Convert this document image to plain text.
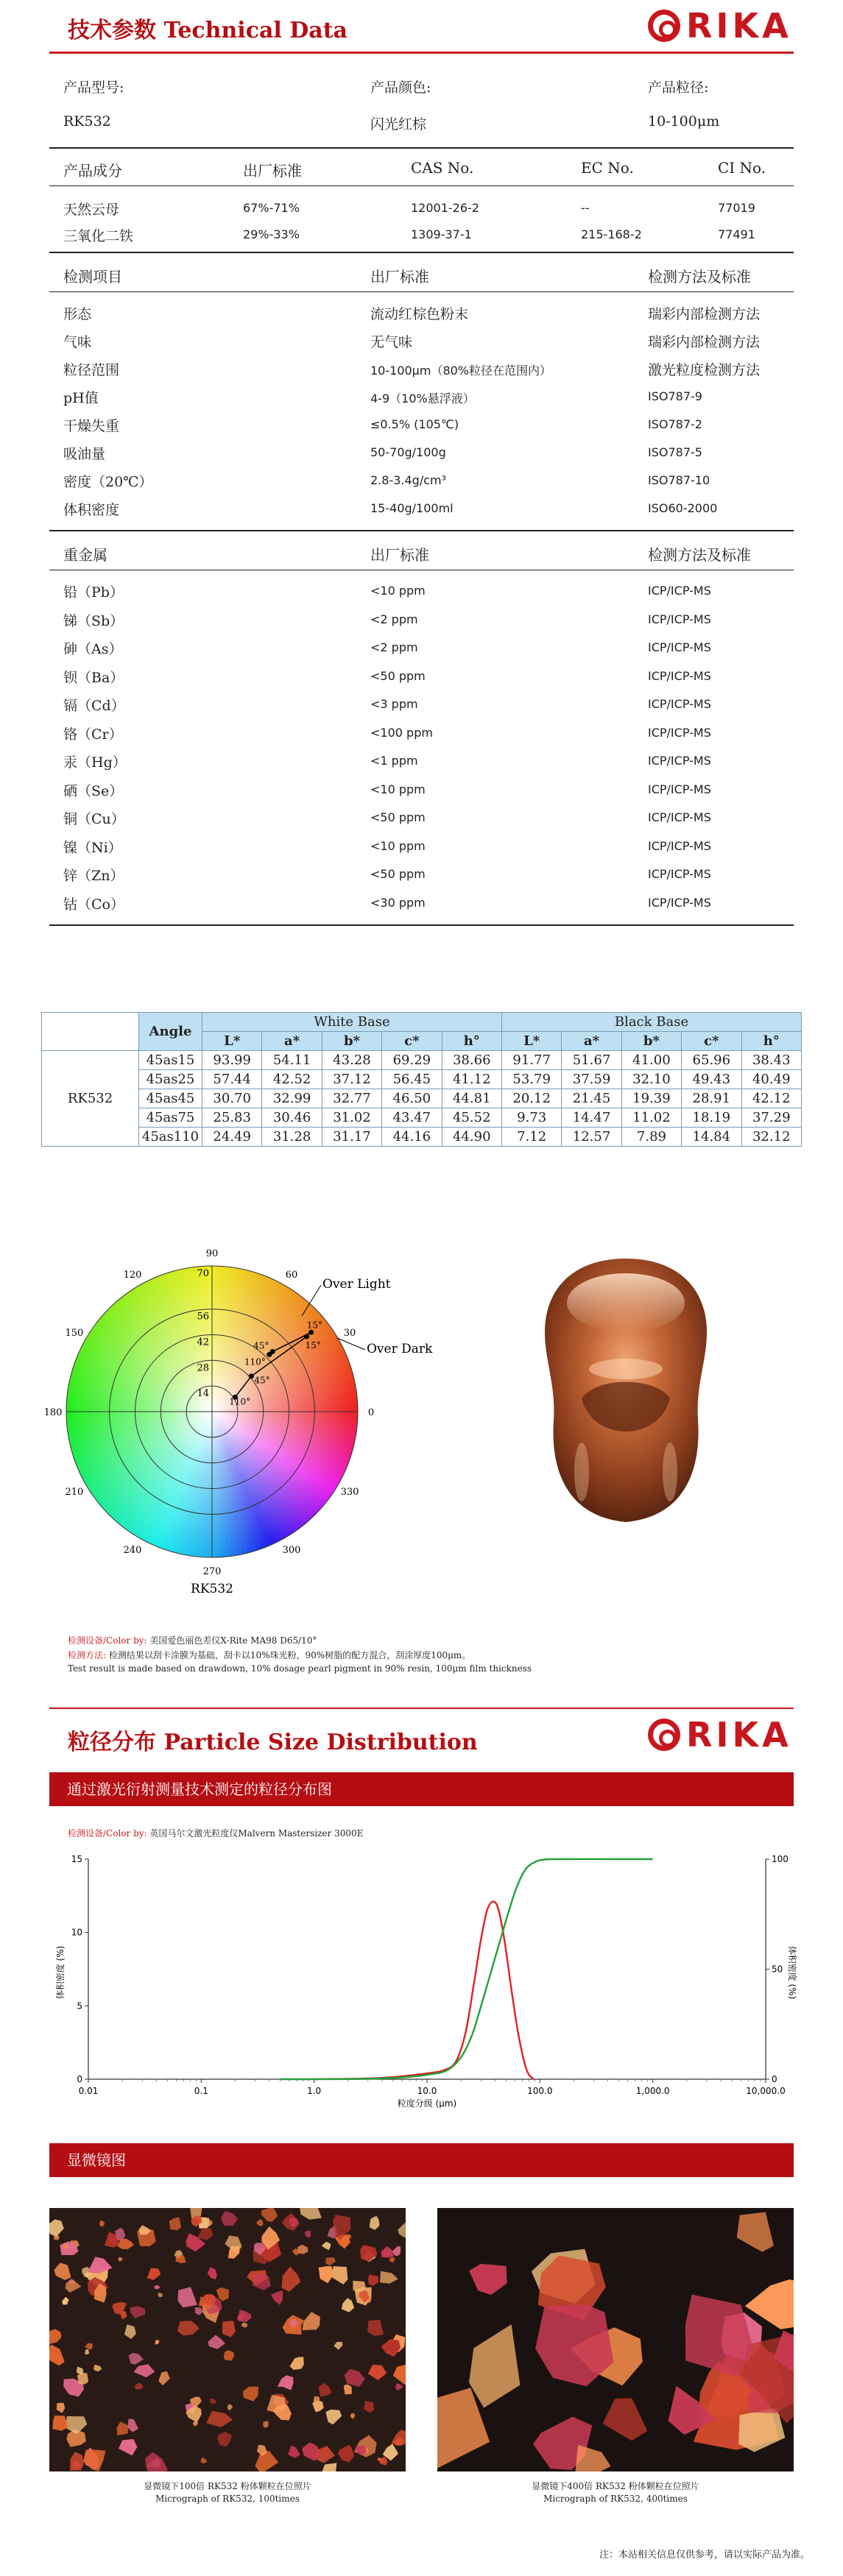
技术参数 Technical Data	RIKA
产品型号:	产品颜色:	产品粒径:
RK532	闪光红棕	10-100μm
产品成分	出厂标准	CAS No.	EC No.	CI No.
天然云母	67%-71%	12001-26-2	--	77019
三氧化二铁	29%-33%	1309-37-1	215-168-2	77491
检测项目	出厂标准	检测方法及标准
形态	流动红棕色粉末	瑞彩内部检测方法
气味	无气味	瑞彩内部检测方法
粒径范围	10-100μm（80%粒径在范围内）	激光粒度检测方法
pH值	4-9（10%悬浮液）	ISO787-9
干燥失重	≤0.5% (105℃)	ISO787-2
吸油量	50-70g/100g	ISO787-5
密度（20℃）	2.8-3.4g/cm³	ISO787-10
体积密度	15-40g/100ml	ISO60-2000
重金属	出厂标准	检测方法及标准
铅（Pb）	<10 ppm	ICP/ICP-MS
锑（Sb）	<2 ppm	ICP/ICP-MS
砷（As）	<2 ppm	ICP/ICP-MS
钡（Ba）	<50 ppm	ICP/ICP-MS
镉（Cd）	<3 ppm	ICP/ICP-MS
铬（Cr）	<100 ppm	ICP/ICP-MS
汞（Hg）	<1 ppm	ICP/ICP-MS
硒（Se）	<10 ppm	ICP/ICP-MS
铜（Cu）	<50 ppm	ICP/ICP-MS
镍（Ni）	<10 ppm	ICP/ICP-MS
锌（Zn）	<50 ppm	ICP/ICP-MS
钴（Co）	<30 ppm	ICP/ICP-MS
	Angle	White Base					Black Base				
		L*	a*	b*	c*	h°	L*	a*	b*	c*	h°
RK532	45as15	93.99	54.11	43.28	69.29	38.66	91.77	51.67	41.00	65.96	38.43
	45as25	57.44	42.52	37.12	56.45	41.12	53.79	37.59	32.10	49.43	40.49
	45as45	30.70	32.99	32.77	46.50	44.81	20.12	21.45	19.39	28.91	42.12
	45as75	25.83	30.46	31.02	43.47	45.52	9.73	14.47	11.02	18.19	37.29
	45as110	24.49	31.28	31.17	44.16	44.90	7.12	12.57	7.89	14.84	32.12
90
60
30
0
330
300
270
240
210
180
150
120
14
28
42
56
70
15°
45°
110°
15°
45°
110°
Over Light
Over Dark
RK532
检测设备/Color by: 美国爱色丽色差仪X-Rite MA98 D65/10°
检测方法: 检测结果以刮卡涂膜为基础，刮卡以10%珠光粉，90%树脂的配方混合，刮涂厚度100μm。
Test result is made based on drawdown, 10% dosage pearl pigment in 90% resin, 100μm film thickness
粒径分布 Particle Size Distribution	RIKA
通过激光衍射测量技术测定的粒径分布图
检测设备/Color by: 英国马尔文激光粒度仪Malvern Mastersizer 3000E
0.01	0.1	1.0	10.0	100.0	1,000.0	10,000.0
0
5
10
15
0
50
100
粒度分级 (μm)
体积密度 (%)	体积密度 (%)
显微镜图
显微镜下100倍 RK532 粉体颗粒在位照片
Micrograph of RK532, 100times
显微镜下400倍 RK532 粉体颗粒在位照片
Micrograph of RK532, 400times
注：本站相关信息仅供参考，请以实际产品为准。
